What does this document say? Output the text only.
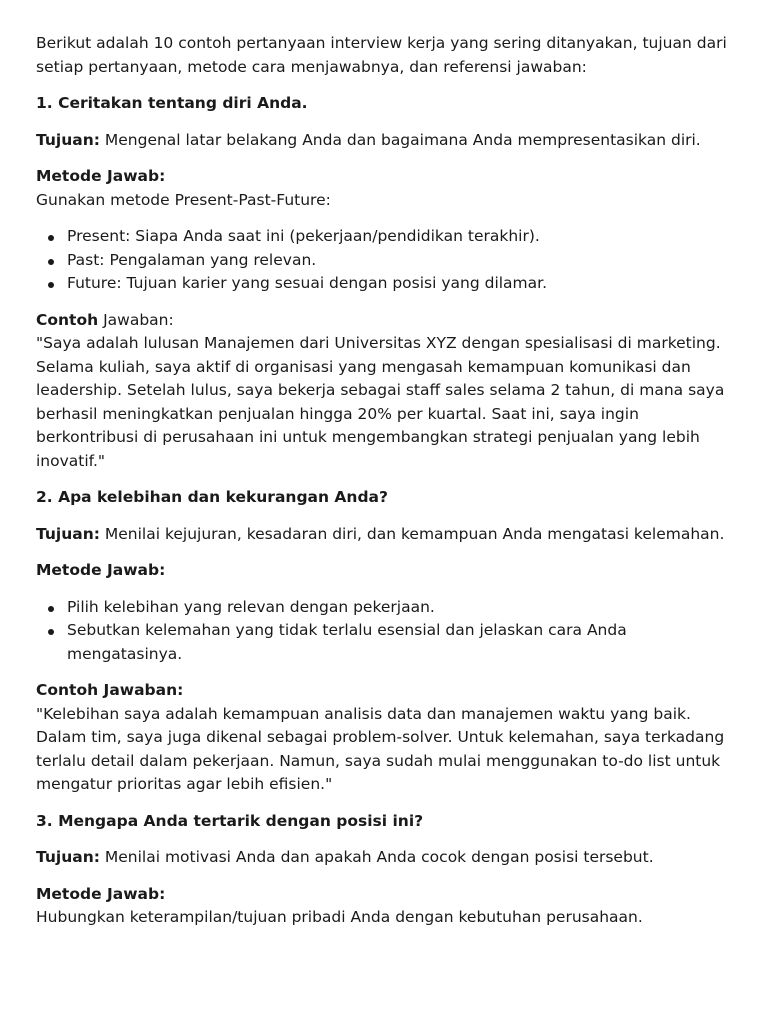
Berikut adalah 10 contoh pertanyaan interview kerja yang sering ditanyakan, tujuan dari setiap pertanyaan, metode cara menjawabnya, dan referensi jawaban:

1. Ceritakan tentang diri Anda.

Tujuan: Mengenal latar belakang Anda dan bagaimana Anda mempresentasikan diri.

Metode Jawab:

Gunakan metode Present-Past-Future:

Present: Siapa Anda saat ini (pekerjaan/pendidikan terakhir).
Past: Pengalaman yang relevan.
Future: Tujuan karier yang sesuai dengan posisi yang dilamar.

Contoh Jawaban:

"Saya adalah lulusan Manajemen dari Universitas XYZ dengan spesialisasi di marketing. Selama kuliah, saya aktif di organisasi yang mengasah kemampuan komunikasi dan leadership. Setelah lulus, saya bekerja sebagai staff sales selama 2 tahun, di mana saya berhasil meningkatkan penjualan hingga 20% per kuartal. Saat ini, saya ingin berkontribusi di perusahaan ini untuk mengembangkan strategi penjualan yang lebih inovatif."

2. Apa kelebihan dan kekurangan Anda?

Tujuan: Menilai kejujuran, kesadaran diri, dan kemampuan Anda mengatasi kelemahan.

Metode Jawab:

Pilih kelebihan yang relevan dengan pekerjaan.
Sebutkan kelemahan yang tidak terlalu esensial dan jelaskan cara Anda mengatasinya.

Contoh Jawaban:

"Kelebihan saya adalah kemampuan analisis data dan manajemen waktu yang baik. Dalam tim, saya juga dikenal sebagai problem-solver. Untuk kelemahan, saya terkadang terlalu detail dalam pekerjaan. Namun, saya sudah mulai menggunakan to-do list untuk mengatur prioritas agar lebih efisien."

3. Mengapa Anda tertarik dengan posisi ini?

Tujuan: Menilai motivasi Anda dan apakah Anda cocok dengan posisi tersebut.

Metode Jawab:

Hubungkan keterampilan/tujuan pribadi Anda dengan kebutuhan perusahaan.
